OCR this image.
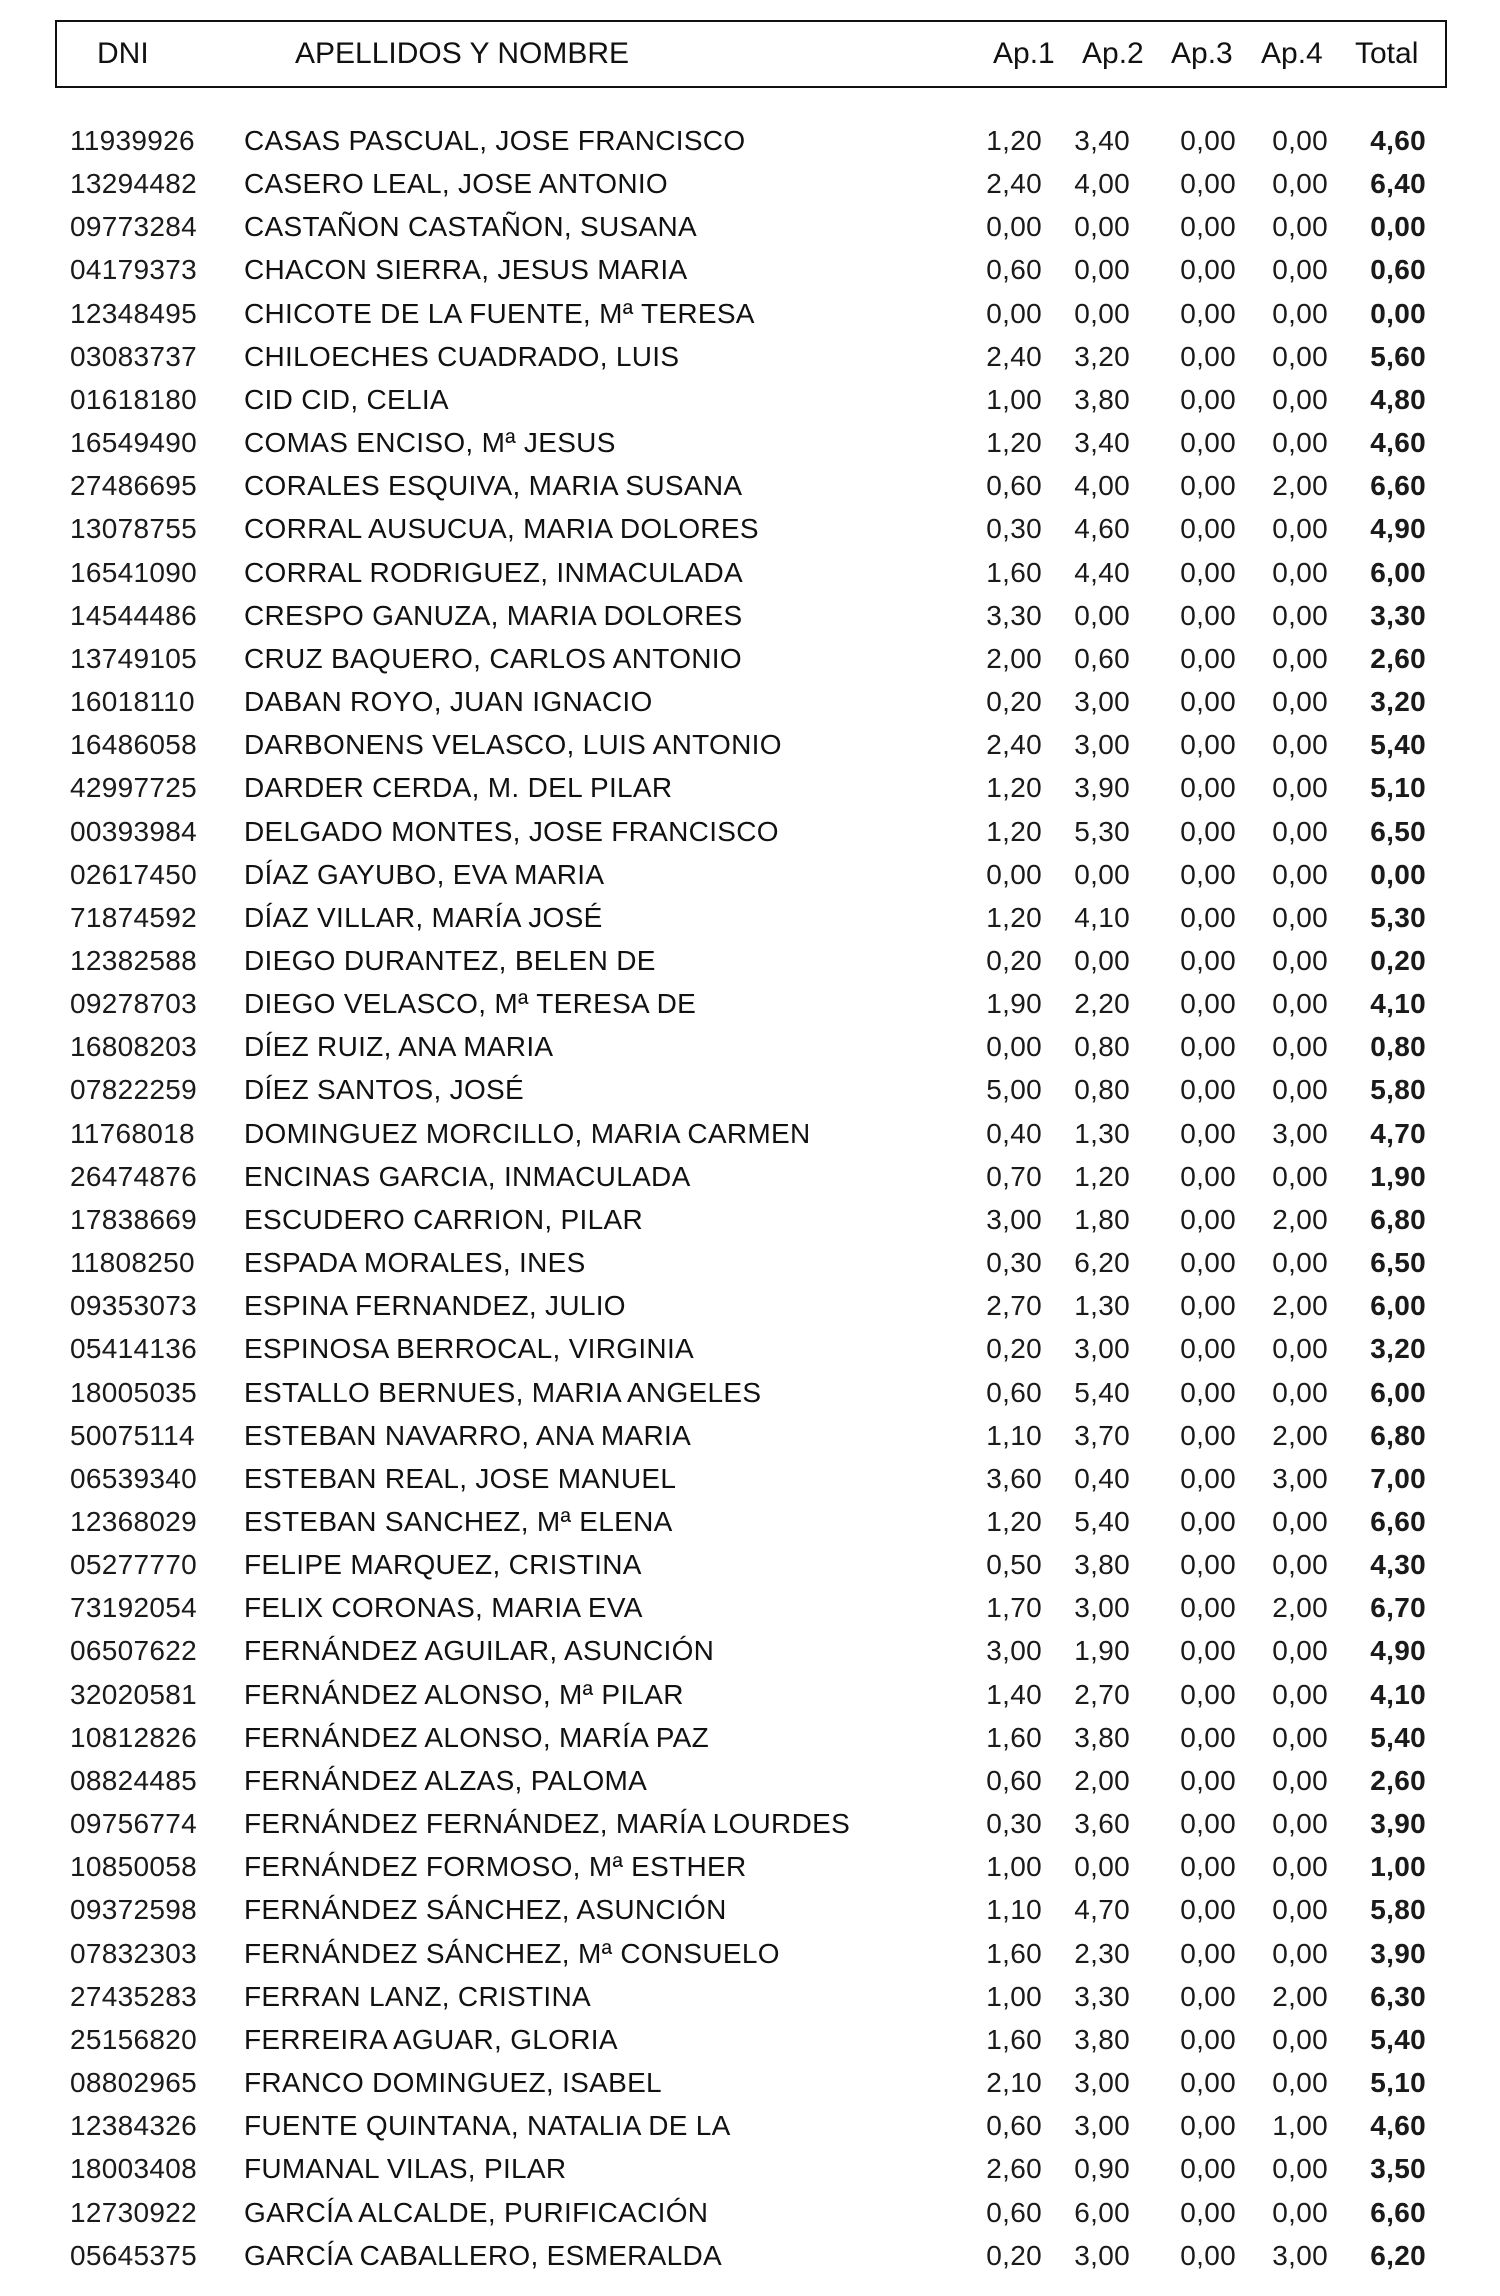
DNI	APELLIDOS Y NOMBRE	Ap.1 Ap.2 Ap.3 Ap.4 Total
11939926	CASAS PASCUAL, JOSE FRANCISCO	1,20	3,40	0,00	0,00	4,60
13294482	CASERO LEAL, JOSE ANTONIO	2,40	4,00	0,00	0,00	6,40
09773284	CASTAÑON CASTAÑON, SUSANA	0,00	0,00	0,00	0,00	0,00
04179373	CHACON SIERRA, JESUS MARIA	0,60	0,00	0,00	0,00	0,60
12348495	CHICOTE DE LA FUENTE, Mª TERESA	0,00	0,00	0,00	0,00	0,00
03083737	CHILOECHES CUADRADO, LUIS	2,40	3,20	0,00	0,00	5,60
01618180	CID CID, CELIA	1,00	3,80	0,00	0,00	4,80
16549490	COMAS ENCISO, Mª JESUS	1,20	3,40	0,00	0,00	4,60
27486695	CORALES ESQUIVA, MARIA SUSANA	0,60	4,00	0,00	2,00	6,60
13078755	CORRAL AUSUCUA, MARIA DOLORES	0,30	4,60	0,00	0,00	4,90
16541090	CORRAL RODRIGUEZ, INMACULADA	1,60	4,40	0,00	0,00	6,00
14544486	CRESPO GANUZA, MARIA DOLORES	3,30	0,00	0,00	0,00	3,30
13749105	CRUZ BAQUERO, CARLOS ANTONIO	2,00	0,60	0,00	0,00	2,60
16018110	DABAN ROYO, JUAN IGNACIO	0,20	3,00	0,00	0,00	3,20
16486058	DARBONENS VELASCO, LUIS ANTONIO	2,40	3,00	0,00	0,00	5,40
42997725	DARDER CERDA, M. DEL PILAR	1,20	3,90	0,00	0,00	5,10
00393984	DELGADO MONTES, JOSE FRANCISCO	1,20	5,30	0,00	0,00	6,50
02617450	DÍAZ GAYUBO, EVA MARIA	0,00	0,00	0,00	0,00	0,00
71874592	DÍAZ VILLAR, MARÍA JOSÉ	1,20	4,10	0,00	0,00	5,30
12382588	DIEGO DURANTEZ, BELEN DE	0,20	0,00	0,00	0,00	0,20
09278703	DIEGO VELASCO, Mª TERESA DE	1,90	2,20	0,00	0,00	4,10
16808203	DÍEZ RUIZ, ANA MARIA	0,00	0,80	0,00	0,00	0,80
07822259	DÍEZ SANTOS, JOSÉ	5,00	0,80	0,00	0,00	5,80
11768018	DOMINGUEZ MORCILLO, MARIA CARMEN	0,40	1,30	0,00	3,00	4,70
26474876	ENCINAS GARCIA, INMACULADA	0,70	1,20	0,00	0,00	1,90
17838669	ESCUDERO CARRION, PILAR	3,00	1,80	0,00	2,00	6,80
11808250	ESPADA MORALES, INES	0,30	6,20	0,00	0,00	6,50
09353073	ESPINA FERNANDEZ, JULIO	2,70	1,30	0,00	2,00	6,00
05414136	ESPINOSA BERROCAL, VIRGINIA	0,20	3,00	0,00	0,00	3,20
18005035	ESTALLO BERNUES, MARIA ANGELES	0,60	5,40	0,00	0,00	6,00
50075114	ESTEBAN NAVARRO, ANA MARIA	1,10	3,70	0,00	2,00	6,80
06539340	ESTEBAN REAL, JOSE MANUEL	3,60	0,40	0,00	3,00	7,00
12368029	ESTEBAN SANCHEZ, Mª ELENA	1,20	5,40	0,00	0,00	6,60
05277770	FELIPE MARQUEZ, CRISTINA	0,50	3,80	0,00	0,00	4,30
73192054	FELIX CORONAS, MARIA EVA	1,70	3,00	0,00	2,00	6,70
06507622	FERNÁNDEZ AGUILAR, ASUNCIÓN	3,00	1,90	0,00	0,00	4,90
32020581	FERNÁNDEZ ALONSO, Mª PILAR	1,40	2,70	0,00	0,00	4,10
10812826	FERNÁNDEZ ALONSO, MARÍA PAZ	1,60	3,80	0,00	0,00	5,40
08824485	FERNÁNDEZ ALZAS, PALOMA	0,60	2,00	0,00	0,00	2,60
09756774	FERNÁNDEZ FERNÁNDEZ, MARÍA LOURDES	0,30	3,60	0,00	0,00	3,90
10850058	FERNÁNDEZ FORMOSO, Mª ESTHER	1,00	0,00	0,00	0,00	1,00
09372598	FERNÁNDEZ SÁNCHEZ, ASUNCIÓN	1,10	4,70	0,00	0,00	5,80
07832303	FERNÁNDEZ SÁNCHEZ, Mª CONSUELO	1,60	2,30	0,00	0,00	3,90
27435283	FERRAN LANZ, CRISTINA	1,00	3,30	0,00	2,00	6,30
25156820	FERREIRA AGUAR, GLORIA	1,60	3,80	0,00	0,00	5,40
08802965	FRANCO DOMINGUEZ, ISABEL	2,10	3,00	0,00	0,00	5,10
12384326	FUENTE QUINTANA, NATALIA DE LA	0,60	3,00	0,00	1,00	4,60
18003408	FUMANAL VILAS, PILAR	2,60	0,90	0,00	0,00	3,50
12730922	GARCÍA ALCALDE, PURIFICACIÓN	0,60	6,00	0,00	0,00	6,60
05645375	GARCÍA CABALLERO, ESMERALDA	0,20	3,00	0,00	3,00	6,20
